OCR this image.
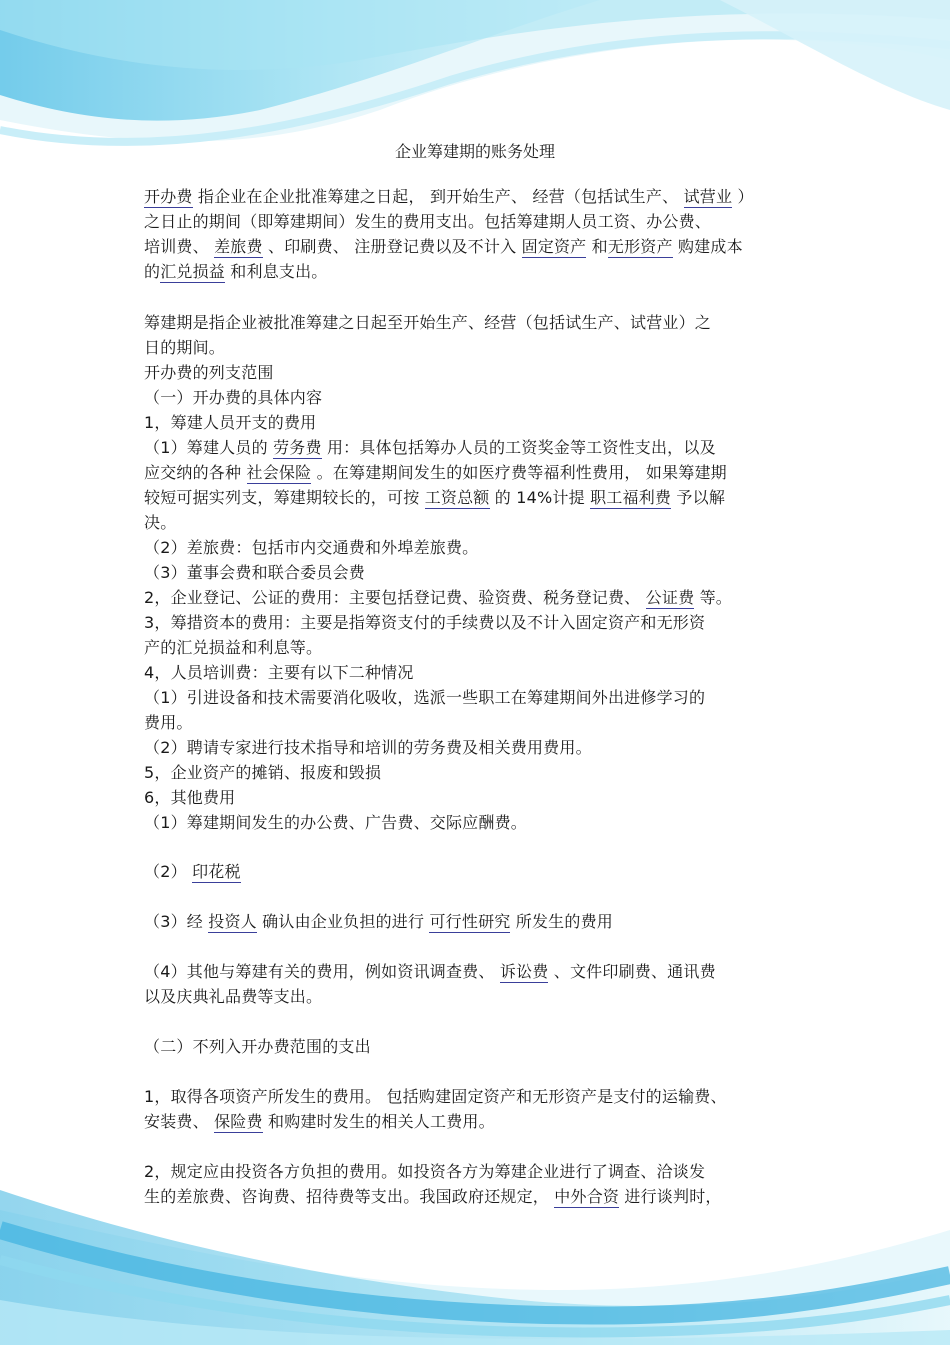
企业筹建期的账务处理
开办费 指企业在企业批准筹建之日起， 到开始生产、 经营（包括试生产、 试营业 ）
之日止的期间（即筹建期间）发生的费用支出。包括筹建期人员工资、办公费、
培训费、 差旅费 、印刷费、 注册登记费以及不计入 固定资产 和无形资产 购建成本
的汇兑损益 和利息支出。
筹建期是指企业被批准筹建之日起至开始生产、经营（包括试生产、试营业）之
日的期间。
开办费的列支范围
（一）开办费的具体内容
1，筹建人员开支的费用
（1）筹建人员的 劳务费 用：具体包括筹办人员的工资奖金等工资性支出，以及
应交纳的各种 社会保险 。在筹建期间发生的如医疗费等福利性费用， 如果筹建期
较短可据实列支，筹建期较长的，可按 工资总额 的 14%计提 职工福利费 予以解
决。
（2）差旅费：包括市内交通费和外埠差旅费。
（3）董事会费和联合委员会费
2，企业登记、公证的费用：主要包括登记费、验资费、税务登记费、 公证费 等。
3，筹措资本的费用：主要是指筹资支付的手续费以及不计入固定资产和无形资
产的汇兑损益和利息等。
4，人员培训费：主要有以下二种情况
（1）引进设备和技术需要消化吸收，选派一些职工在筹建期间外出进修学习的
费用。
（2）聘请专家进行技术指导和培训的劳务费及相关费用费用。
5，企业资产的摊销、报废和毁损
6，其他费用
（1）筹建期间发生的办公费、广告费、交际应酬费。
（2） 印花税
（3）经 投资人 确认由企业负担的进行 可行性研究 所发生的费用
（4）其他与筹建有关的费用，例如资讯调查费、 诉讼费 、文件印刷费、通讯费
以及庆典礼品费等支出。
（二）不列入开办费范围的支出
1，取得各项资产所发生的费用。 包括购建固定资产和无形资产是支付的运输费、
安装费、 保险费 和购建时发生的相关人工费用。
2，规定应由投资各方负担的费用。如投资各方为筹建企业进行了调查、洽谈发
生的差旅费、咨询费、招待费等支出。我国政府还规定， 中外合资 进行谈判时，
